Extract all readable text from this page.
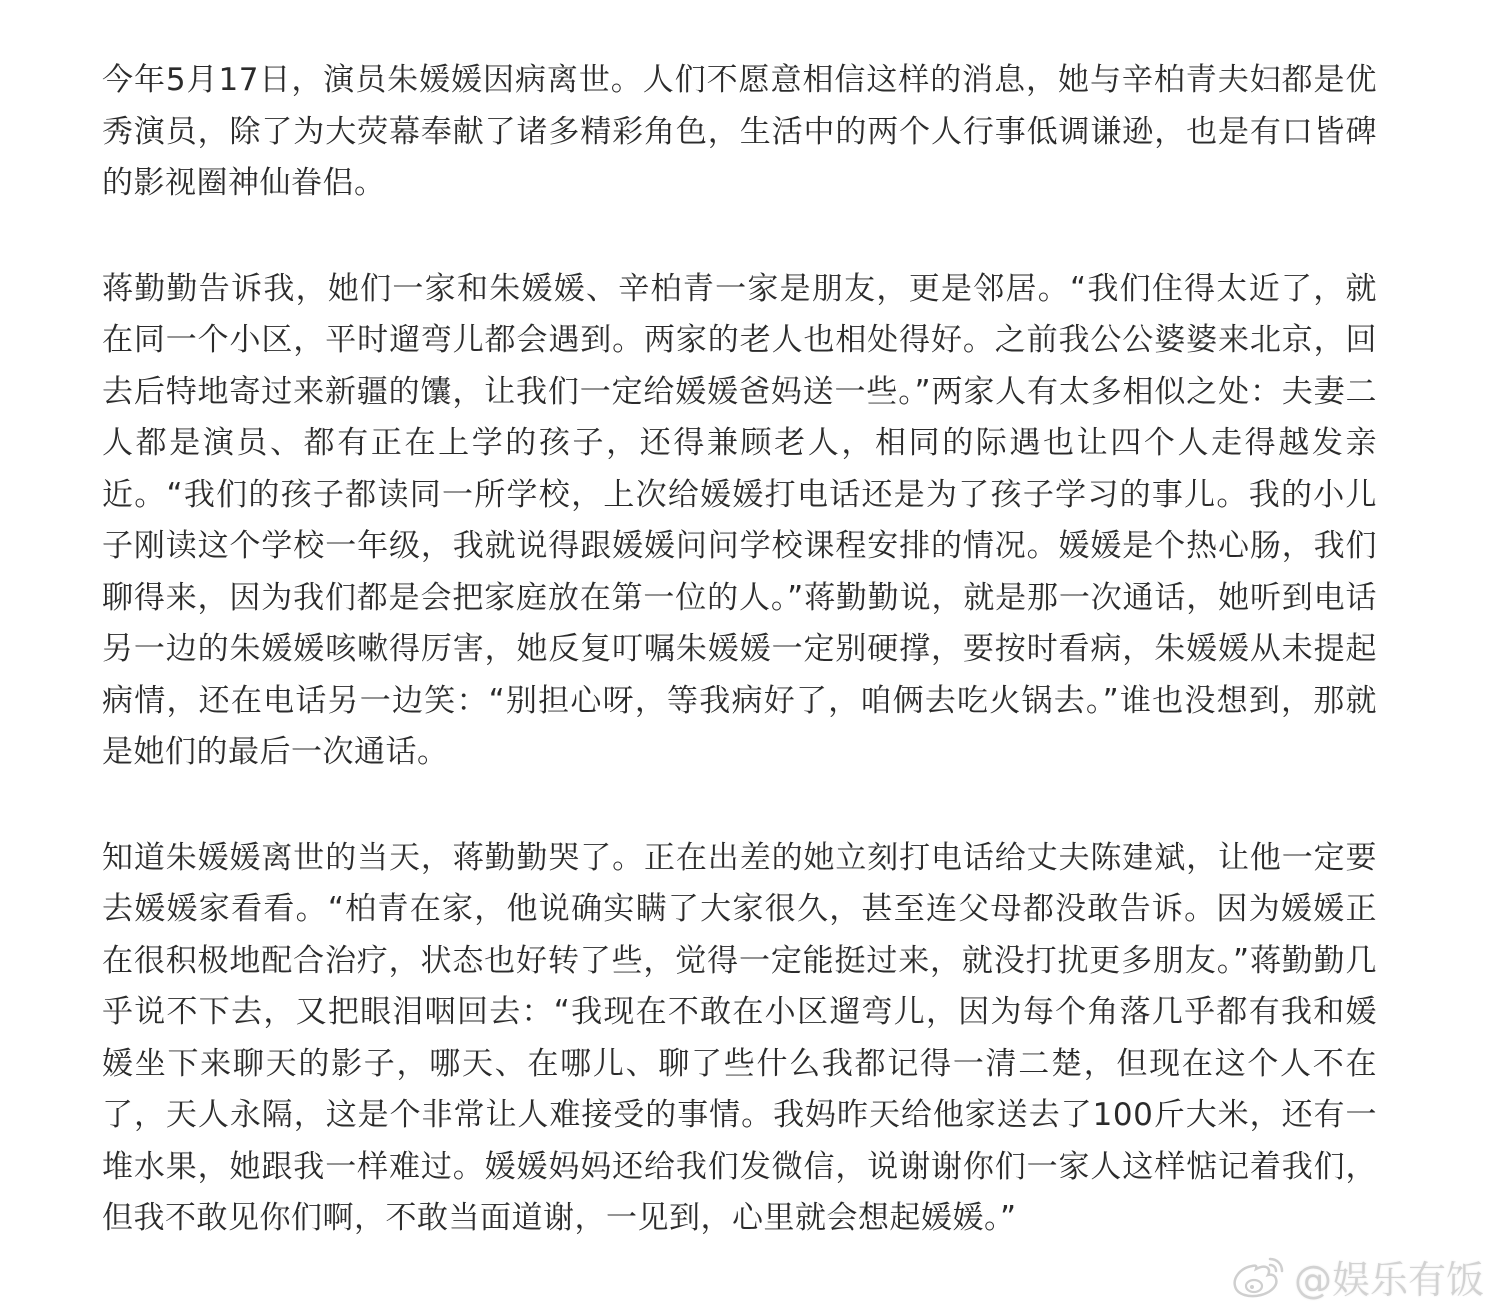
今年5月17日，演员朱媛媛因病离世。人们不愿意相信这样的消息，她与辛柏青夫妇都是优秀演员，除了为大荧幕奉献了诸多精彩角色，生活中的两个人行事低调谦逊，也是有口皆碑的影视圈神仙眷侣。

蒋勤勤告诉我，她们一家和朱媛媛、辛柏青一家是朋友，更是邻居。“我们住得太近了，就在同一个小区，平时遛弯儿都会遇到。两家的老人也相处得好。之前我公公婆婆来北京，回去后特地寄过来新疆的馕，让我们一定给媛媛爸妈送一些。”两家人有太多相似之处：夫妻二人都是演员、都有正在上学的孩子，还得兼顾老人，相同的际遇也让四个人走得越发亲近。“我们的孩子都读同一所学校，上次给媛媛打电话还是为了孩子学习的事儿。我的小儿子刚读这个学校一年级，我就说得跟媛媛问问学校课程安排的情况。媛媛是个热心肠，我们聊得来，因为我们都是会把家庭放在第一位的人。”蒋勤勤说，就是那一次通话，她听到电话另一边的朱媛媛咳嗽得厉害，她反复叮嘱朱媛媛一定别硬撑，要按时看病，朱媛媛从未提起病情，还在电话另一边笑：“别担心呀，等我病好了，咱俩去吃火锅去。”谁也没想到，那就是她们的最后一次通话。

知道朱媛媛离世的当天，蒋勤勤哭了。正在出差的她立刻打电话给丈夫陈建斌，让他一定要去媛媛家看看。“柏青在家，他说确实瞒了大家很久，甚至连父母都没敢告诉。因为媛媛正在很积极地配合治疗，状态也好转了些，觉得一定能挺过来，就没打扰更多朋友。”蒋勤勤几乎说不下去，又把眼泪咽回去：“我现在不敢在小区遛弯儿，因为每个角落几乎都有我和媛媛坐下来聊天的影子，哪天、在哪儿、聊了些什么我都记得一清二楚，但现在这个人不在了，天人永隔，这是个非常让人难接受的事情。我妈昨天给他家送去了100斤大米，还有一堆水果，她跟我一样难过。媛媛妈妈还给我们发微信，说谢谢你们一家人这样惦记着我们，但我不敢见你们啊，不敢当面道谢，一见到，心里就会想起媛媛。”

@娱乐有饭
